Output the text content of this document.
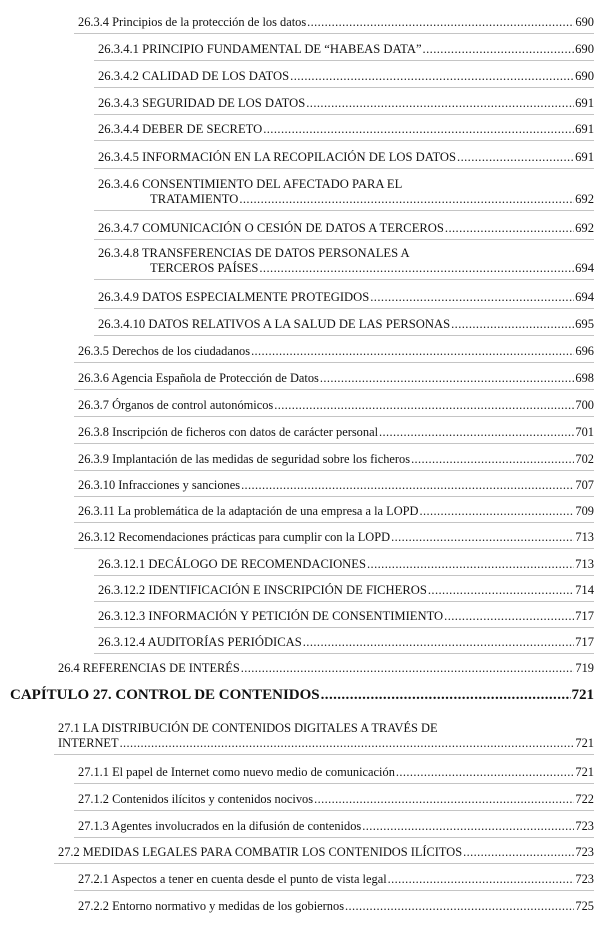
26.3.4 Principios de la protección de los datos .....	690
26.3.4.1 PRINCIPIO FUNDAMENTAL DE “HABEAS DATA” .....	690
26.3.4.2 CALIDAD DE LOS DATOS .....	690
26.3.4.3 SEGURIDAD DE LOS DATOS .....	691
26.3.4.4 DEBER DE SECRETO .....	691
26.3.4.5 INFORMACIÓN EN LA RECOPILACIÓN DE LOS DATOS .....	691
26.3.4.6 CONSENTIMIENTO DEL AFECTADO PARA EL
TRATAMIENTO .....	692
26.3.4.7 COMUNICACIÓN O CESIÓN DE DATOS A TERCEROS .....	692
26.3.4.8 TRANSFERENCIAS DE DATOS PERSONALES A
TERCEROS PAÍSES .....	694
26.3.4.9 DATOS ESPECIALMENTE PROTEGIDOS .....	694
26.3.4.10 DATOS RELATIVOS A LA SALUD DE LAS PERSONAS .....	695
26.3.5 Derechos de los ciudadanos .....	696
26.3.6 Agencia Española de Protección de Datos .....	698
26.3.7 Órganos de control autonómicos .....	700
26.3.8 Inscripción de ficheros con datos de carácter personal .....	701
26.3.9 Implantación de las medidas de seguridad sobre los ficheros .....	702
26.3.10 Infracciones y sanciones .....	707
26.3.11 La problemática de la adaptación de una empresa a la LOPD .....	709
26.3.12 Recomendaciones prácticas para cumplir con la LOPD .....	713
26.3.12.1 DECÁLOGO DE RECOMENDACIONES .....	713
26.3.12.2 IDENTIFICACIÓN E INSCRIPCIÓN DE FICHEROS .....	714
26.3.12.3 INFORMACIÓN Y PETICIÓN DE CONSENTIMIENTO .....	717
26.3.12.4 AUDITORÍAS PERIÓDICAS .....	717
26.4 REFERENCIAS DE INTERÉS .....	719
CAPÍTULO 27. CONTROL DE CONTENIDOS .....	721
27.1 LA DISTRIBUCIÓN DE CONTENIDOS DIGITALES A TRAVÉS DE
INTERNET .....	721
27.1.1 El papel de Internet como nuevo medio de comunicación .....	721
27.1.2 Contenidos ilícitos y contenidos nocivos .....	722
27.1.3 Agentes involucrados en la difusión de contenidos .....	723
27.2 MEDIDAS LEGALES PARA COMBATIR LOS CONTENIDOS ILÍCITOS .....	723
27.2.1 Aspectos a tener en cuenta desde el punto de vista legal .....	723
27.2.2 Entorno normativo y medidas de los gobiernos .....	725
